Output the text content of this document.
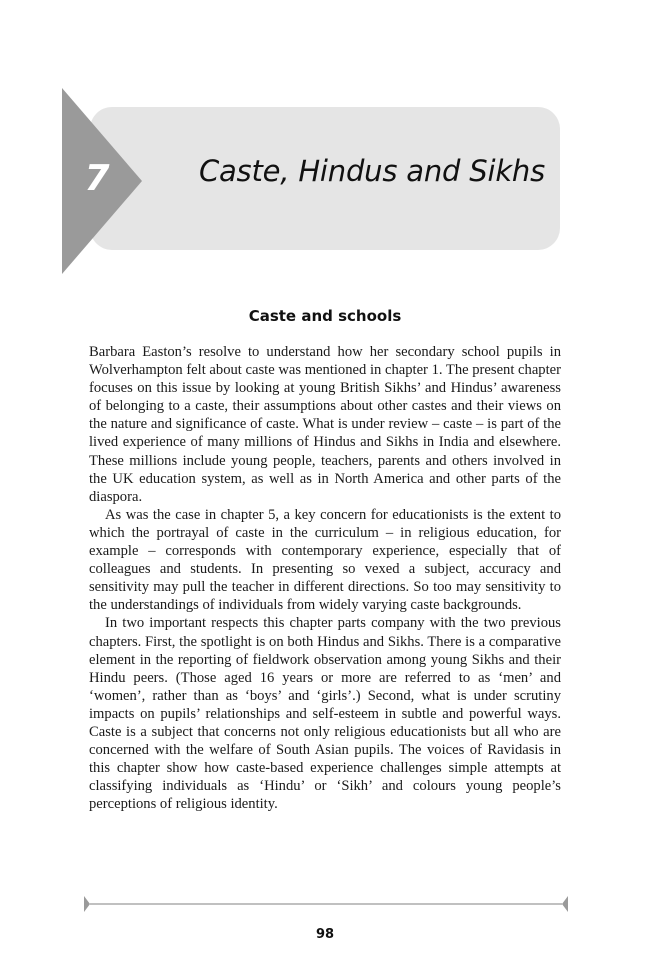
7	Caste, Hindus and Sikhs
Caste and schools

Barbara Easton’s resolve to understand how her secondary school pupils in Wolverhampton felt about caste was mentioned in chapter 1. The present chapter focuses on this issue by looking at young British Sikhs’ and Hindus’ awareness of belonging to a caste, their assumptions about other castes and their views on the nature and significance of caste. What is under review – caste – is part of the lived experience of many millions of Hindus and Sikhs in India and elsewhere. These millions include young people, teachers, parents and others involved in the UK education system, as well as in North America and other parts of the diaspora.

As was the case in chapter 5, a key concern for educationists is the extent to which the portrayal of caste in the curriculum – in religious education, for example – corresponds with contemporary experience, especially that of colleagues and students. In presenting so vexed a subject, accuracy and sensitivity may pull the teacher in different directions. So too may sensitivity to the understandings of individuals from widely varying caste backgrounds.

In two important respects this chapter parts company with the two previous chapters. First, the spotlight is on both Hindus and Sikhs. There is a comparative element in the reporting of fieldwork observation among young Sikhs and their Hindu peers. (Those aged 16 years or more are referred to as ‘men’ and ‘women’, rather than as ‘boys’ and ‘girls’.) Second, what is under scrutiny impacts on pupils’ relationships and self-esteem in subtle and powerful ways. Caste is a subject that concerns not only religious educationists but all who are concerned with the welfare of South Asian pupils. The voices of Ravidasis in this chapter show how caste-based experience challenges simple attempts at classifying individuals as ‘Hindu’ or ‘Sikh’ and colours young people’s perceptions of religious identity.

98
